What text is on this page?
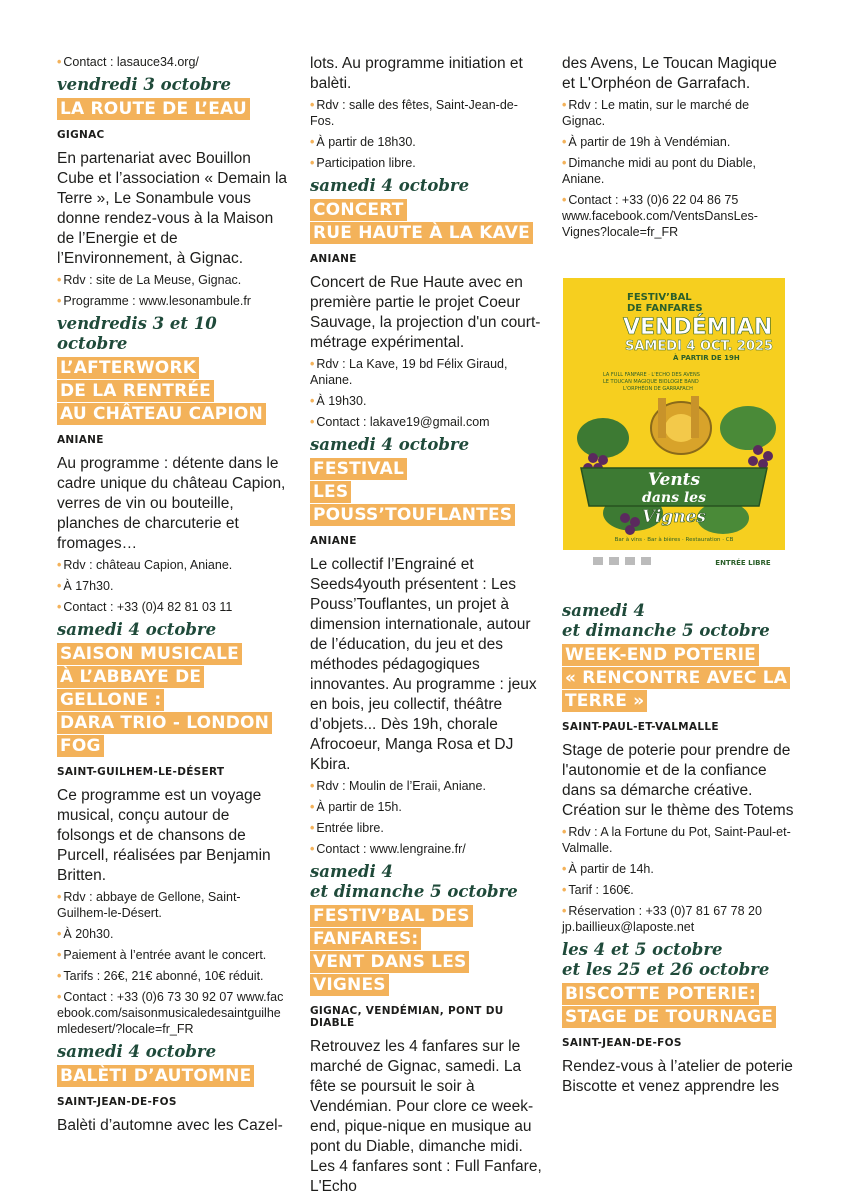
• Contact : lasauce34.org/
vendredi 3 octobre
LA ROUTE DE L’EAU
GIGNAC
En partenariat avec Bouillon Cube et l’association « Demain la Terre », Le Sonambule vous donne rendez-vous à la Maison de l’Energie et de l’Environnement, à Gignac.
• Rdv : site de La Meuse, Gignac.
• Programme : www.lesonambule.fr
vendredis 3 et 10 octobre
L’AFTERWORK
DE LA RENTRÉE
AU CHÂTEAU CAPION
ANIANE
Au programme : détente dans le cadre unique du château Capion, verres de vin ou bouteille, planches de charcuterie et fromages…
• Rdv : château Capion, Aniane.
• À 17h30.
• Contact : +33 (0)4 82 81 03 11
samedi 4 octobre
SAISON MUSICALE
À L’ABBAYE DE GELLONE :
DARA TRIO - LONDON FOG
SAINT-GUILHEM-LE-DÉSERT
Ce programme est un voyage musical, conçu autour de folsongs et de chansons de Purcell, réalisées par Benjamin Britten.
• Rdv : abbaye de Gellone, Saint-Guilhem-le-Désert.
• À 20h30.
• Paiement à l’entrée avant le concert.
• Tarifs : 26€, 21€ abonné, 10€ réduit.
• Contact : +33 (0)6 73 30 92 07 www.facebook.com/saisonmusicaledesaintguilhemledesert/?locale=fr_FR
samedi 4 octobre
BALÈTI D’AUTOMNE
SAINT-JEAN-DE-FOS
Balèti d’automne avec les Cazel-
lots. Au programme initiation et balèti.
• Rdv : salle des fêtes, Saint-Jean-de-Fos.
• À partir de 18h30.
• Participation libre.
samedi 4 octobre
CONCERT
RUE HAUTE À LA KAVE
ANIANE
Concert de Rue Haute avec en première partie le projet Coeur Sauvage, la projection d'un court-métrage expérimental.
• Rdv : La Kave, 19 bd Félix Giraud, Aniane.
• À 19h30.
• Contact : lakave19@gmail.com
samedi 4 octobre
FESTIVAL
LES POUSS’TOUFLANTES
ANIANE
Le collectif l’Engrainé et Seeds4youth présentent : Les Pouss’Touflantes, un projet à dimension internationale, autour de l’éducation, du jeu et des méthodes pédagogiques innovantes. Au programme : jeux en bois, jeu collectif, théâtre d’objets... Dès 19h, chorale Afrocoeur, Manga Rosa et DJ Kbira.
• Rdv : Moulin de l’Eraii, Aniane.
• À partir de 15h.
• Entrée libre.
• Contact : www.lengraine.fr/
samedi 4
et dimanche 5 octobre
FESTIV’BAL DES FANFARES:
VENT DANS LES VIGNES
GIGNAC, VENDÉMIAN, PONT DU DIABLE
Retrouvez les 4 fanfares sur le marché de Gignac, samedi. La fête se poursuit le soir à Vendémian. Pour clore ce week-end, pique-nique en musique au pont du Diable, dimanche midi. Les 4 fanfares sont : Full Fanfare, L'Echo
des Avens, Le Toucan Magique et L'Orphéon de Garrafach.
• Rdv : Le matin, sur le marché de Gignac.
• À partir de 19h à Vendémian.
• Dimanche midi au pont du Diable, Aniane.
• Contact : +33 (0)6 22 04 86 75 www.facebook.com/VentsDansLes-Vignes?locale=fr_FR
FESTIV’BAL
DE FANFARES
VENDÉMIAN
SAMEDI 4 OCT. 2025
À PARTIR DE 19H
LA FULL FANFARE · L'ECHO DES AVENS
LE TOUCAN MAGIQUE BIOLOGIE BAND
L'ORPHÉON DE GARRAFACH
Vents
dans les
Vignes
Bar à vins · Bar à bières · Restauration · CB
ENTRÉE LIBRE
samedi 4
et dimanche 5 octobre
WEEK-END POTERIE
« RENCONTRE AVEC LA
TERRE »
SAINT-PAUL-ET-VALMALLE
Stage de poterie pour prendre de l'autonomie et de la confiance dans sa démarche créative. Création sur le thème des Totems
• Rdv : A la Fortune du Pot, Saint-Paul-et-Valmalle.
• À partir de 14h.
• Tarif : 160€.
• Réservation : +33 (0)7 81 67 78 20 jp.baillieux@laposte.net
les 4 et 5 octobre
et les 25 et 26 octobre
BISCOTTE POTERIE:
STAGE DE TOURNAGE
SAINT-JEAN-DE-FOS
Rendez-vous à l’atelier de poterie Biscotte et venez apprendre les
